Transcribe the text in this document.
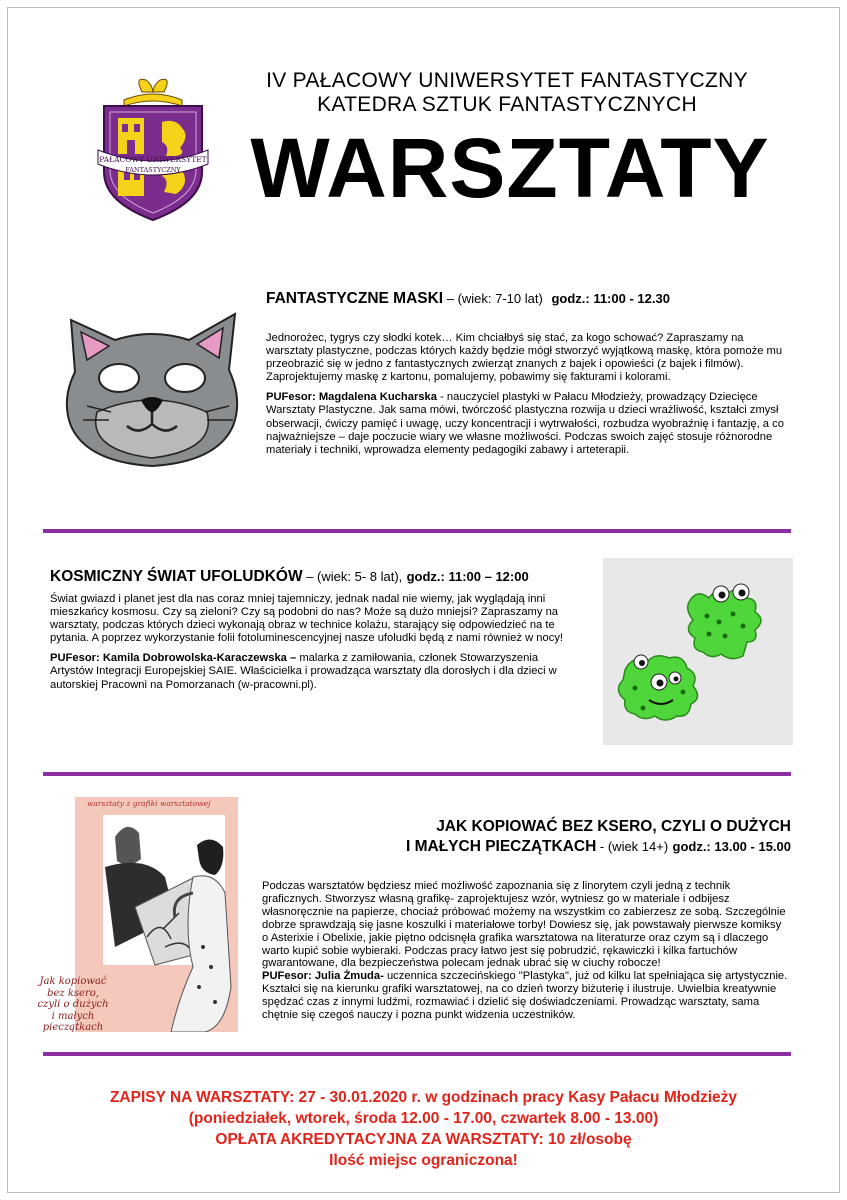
PAŁACOWY UNIWERSYTET
FANTASTYCZNY
IV PAŁACOWY UNIWERSYTET FANTASTYCZNY
KATEDRA SZTUK FANTASTYCZNYCH
WARSZTATY
FANTASTYCZNE MASKI – (wiek: 7-10 lat) godz.: 11:00 - 12.30

Jednorożec, tygrys czy słodki kotek… Kim chciałbyś się stać, za kogo schować? Zapraszamy na warsztaty plastyczne, podczas których każdy będzie mógł stworzyć wyjątkową maskę, która pomoże mu przeobrazić się w jedno z fantastycznych zwierząt znanych z bajek i opowieści (z bajek i filmów). Zaprojektujemy maskę z kartonu, pomalujemy, pobawimy się fakturami i kolorami.

PUFesor: Magdalena Kucharska - nauczyciel plastyki w Pałacu Młodzieży, prowadzący Dziecięce Warsztaty Plastyczne. Jak sama mówi, twórczość plastyczna rozwija u dzieci wrażliwość, kształci zmysł obserwacji, ćwiczy pamięć i uwagę, uczy koncentracji i wytrwałości, rozbudza wyobraźnię i fantazję, a co najważniejsze – daje poczucie wiary we własne możliwości. Podczas swoich zajęć stosuje różnorodne materiały i techniki, wprowadza elementy pedagogiki zabawy i arteterapii.

KOSMICZNY ŚWIAT UFOLUDKÓW – (wiek: 5- 8 lat), godz.: 11:00 – 12:00

Świat gwiazd i planet jest dla nas coraz mniej tajemniczy, jednak nadal nie wiemy, jak wyglądają inni mieszkańcy kosmosu. Czy są zieloni? Czy są podobni do nas? Może są dużo mniejsi? Zapraszamy na warsztaty, podczas których dzieci wykonają obraz w technice kolażu, starający się odpowiedzieć na te pytania. A poprzez wykorzystanie folii fotoluminescencyjnej nasze ufoludki będą z nami również w nocy!

PUFesor: Kamila Dobrowolska-Karaczewska – malarka z zamiłowania, członek Stowarzyszenia Artystów Integracji Europejskiej SAIE. Właścicielka i prowadząca warsztaty dla dorosłych i dla dzieci w autorskiej Pracowni na Pomorzanach (w-pracowni.pl).

warsztaty z grafiki warsztatowej
Jak kopiować bez ksero, czyli o dużych i małych pieczątkach
JAK KOPIOWAĆ BEZ KSERO, CZYLI O DUŻYCH
I MAŁYCH PIECZĄTKACH - (wiek 14+) godz.: 13.00 - 15.00

Podczas warsztatów będziesz mieć możliwość zapoznania się z linorytem czyli jedną z technik graficznych. Stworzysz własną grafikę- zaprojektujesz wzór, wytniesz go w materiale i odbijesz własnoręcznie na papierze, chociaż próbować możemy na wszystkim co zabierzesz ze sobą. Szczególnie dobrze sprawdzają się jasne koszulki i materiałowe torby! Dowiesz się, jak powstawały pierwsze komiksy o Asterixie i Obelixie, jakie piętno odcisnęła grafika warsztatowa na literaturze oraz czym są i dlaczego warto kupić sobie wybieraki. Podczas pracy łatwo jest się pobrudzić, rękawiczki i kilka fartuchów gwarantowane, dla bezpieczeństwa polecam jednak ubrać się w ciuchy robocze!

PUFesor: Julia Żmuda- uczennica szczecińskiego "Plastyka", już od kilku lat spełniająca się artystycznie. Kształci się na kierunku grafiki warsztatowej, na co dzień tworzy biżuterię i ilustruje. Uwielbia kreatywnie spędzać czas z innymi ludźmi, rozmawiać i dzielić się doświadczeniami. Prowadząc warsztaty, sama chętnie się czegoś nauczy i pozna punkt widzenia uczestników.

ZAPISY NA WARSZTATY: 27 - 30.01.2020 r. w godzinach pracy Kasy Pałacu Młodzieży
(poniedziałek, wtorek, środa 12.00 - 17.00, czwartek 8.00 - 13.00)
OPŁATA AKREDYTACYJNA ZA WARSZTATY: 10 zł/osobę
Ilość miejsc ograniczona!
